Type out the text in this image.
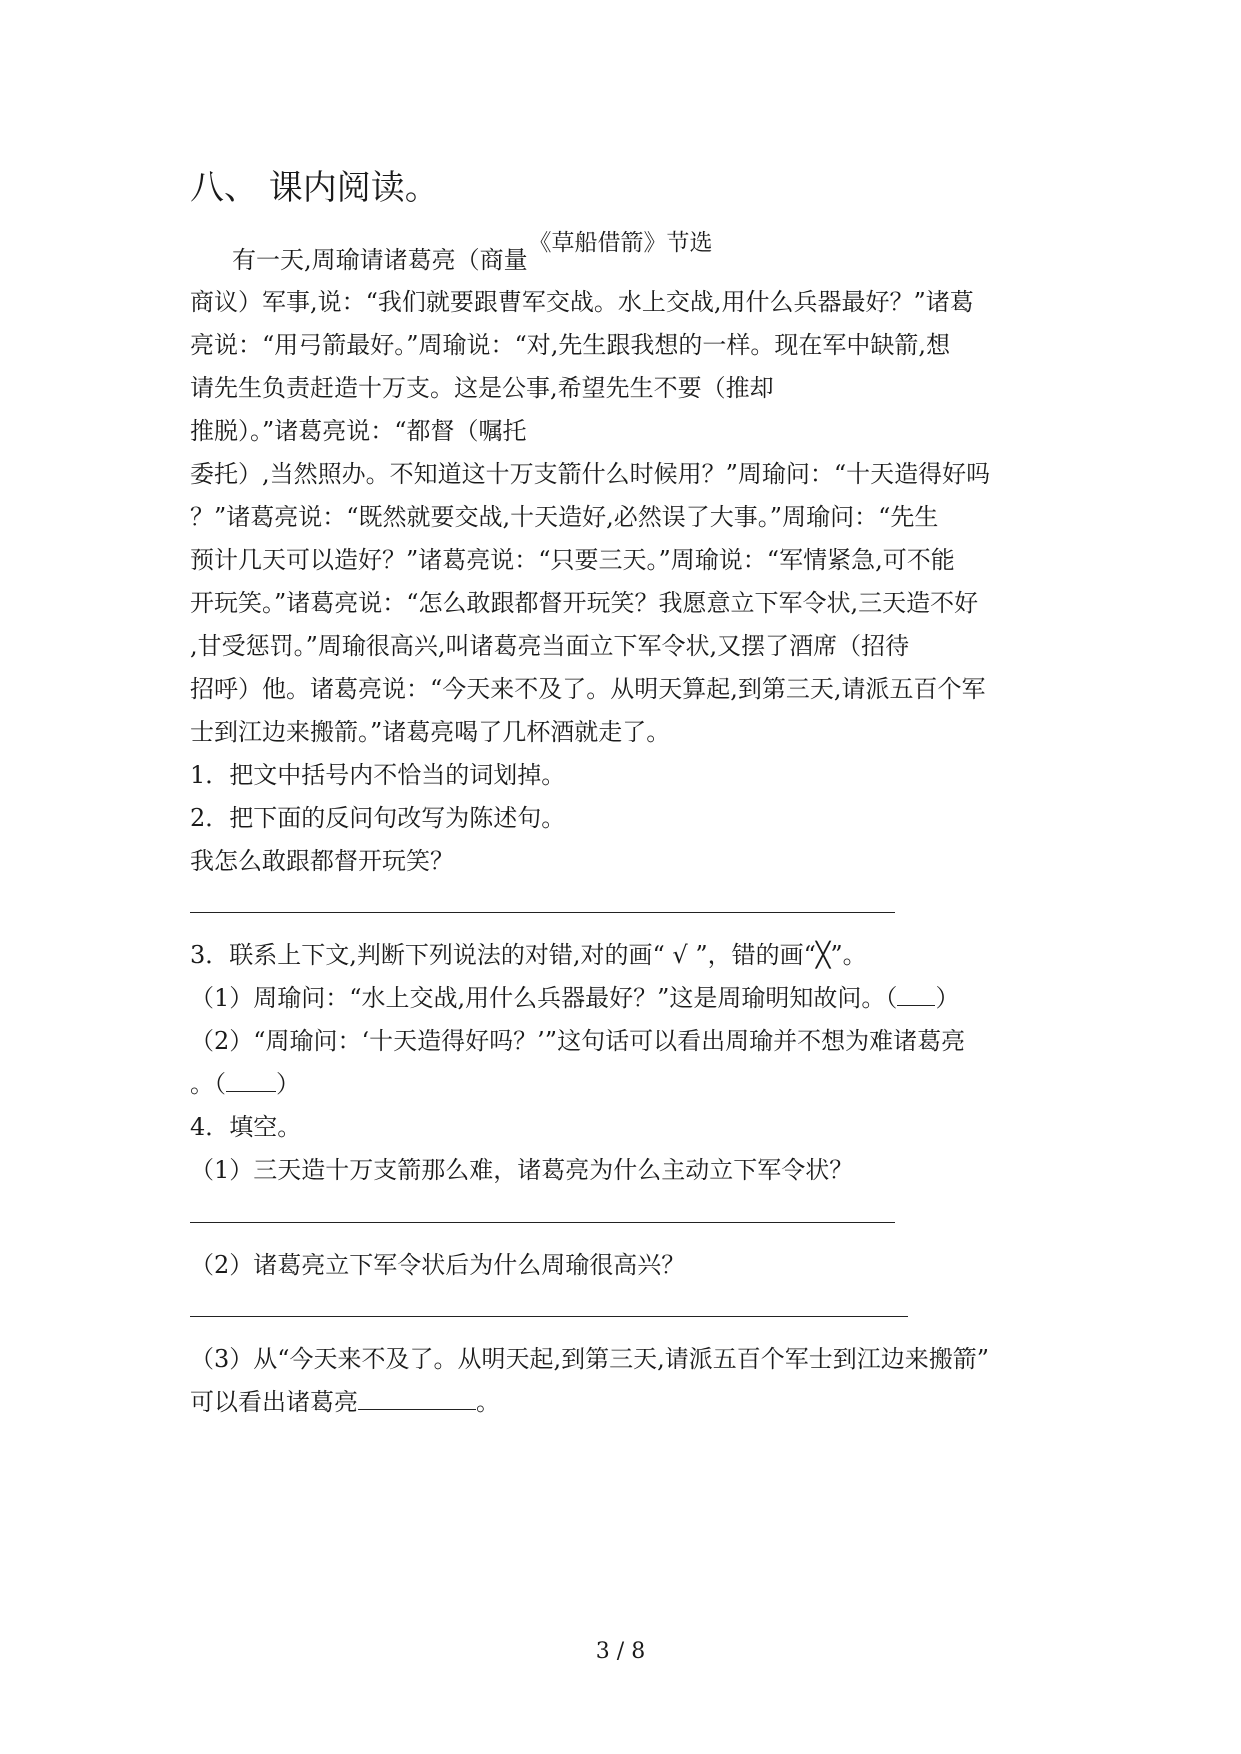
八、 课内阅读。
《草船借箭》节选
有一天,周瑜请诸葛亮（商量
商议）军事,说：“我们就要跟曹军交战。水上交战,用什么兵器最好？”诸葛
亮说：“用弓箭最好。”周瑜说：“对,先生跟我想的一样。现在军中缺箭,想
请先生负责赶造十万支。这是公事,希望先生不要（推却
推脱）。”诸葛亮说：“都督（嘱托
委托）,当然照办。不知道这十万支箭什么时候用？”周瑜问：“十天造得好吗
？”诸葛亮说：“既然就要交战,十天造好,必然误了大事。”周瑜问：“先生
预计几天可以造好？”诸葛亮说：“只要三天。”周瑜说：“军情紧急,可不能
开玩笑。”诸葛亮说：“怎么敢跟都督开玩笑？我愿意立下军令状,三天造不好
,甘受惩罚。”周瑜很高兴,叫诸葛亮当面立下军令状,又摆了酒席（招待
招呼）他。诸葛亮说：“今天来不及了。从明天算起,到第三天,请派五百个军
士到江边来搬箭。”诸葛亮喝了几杯酒就走了。
1．把文中括号内不恰当的词划掉。
2．把下面的反问句改写为陈述句。
我怎么敢跟都督开玩笑？
3．联系上下文,判断下列说法的对错,对的画“ √ ”，错的画“╳”。
（1）周瑜问：“水上交战,用什么兵器最好？”这是周瑜明知故问。（ ）
（2）“周瑜问：‘十天造得好吗？’”这句话可以看出周瑜并不想为难诸葛亮
。（ ）
4．填空。
（1）三天造十万支箭那么难，诸葛亮为什么主动立下军令状？
（2）诸葛亮立下军令状后为什么周瑜很高兴？
（3）从“今天来不及了。从明天起,到第三天,请派五百个军士到江边来搬箭”
可以看出诸葛亮	。
3 / 8
